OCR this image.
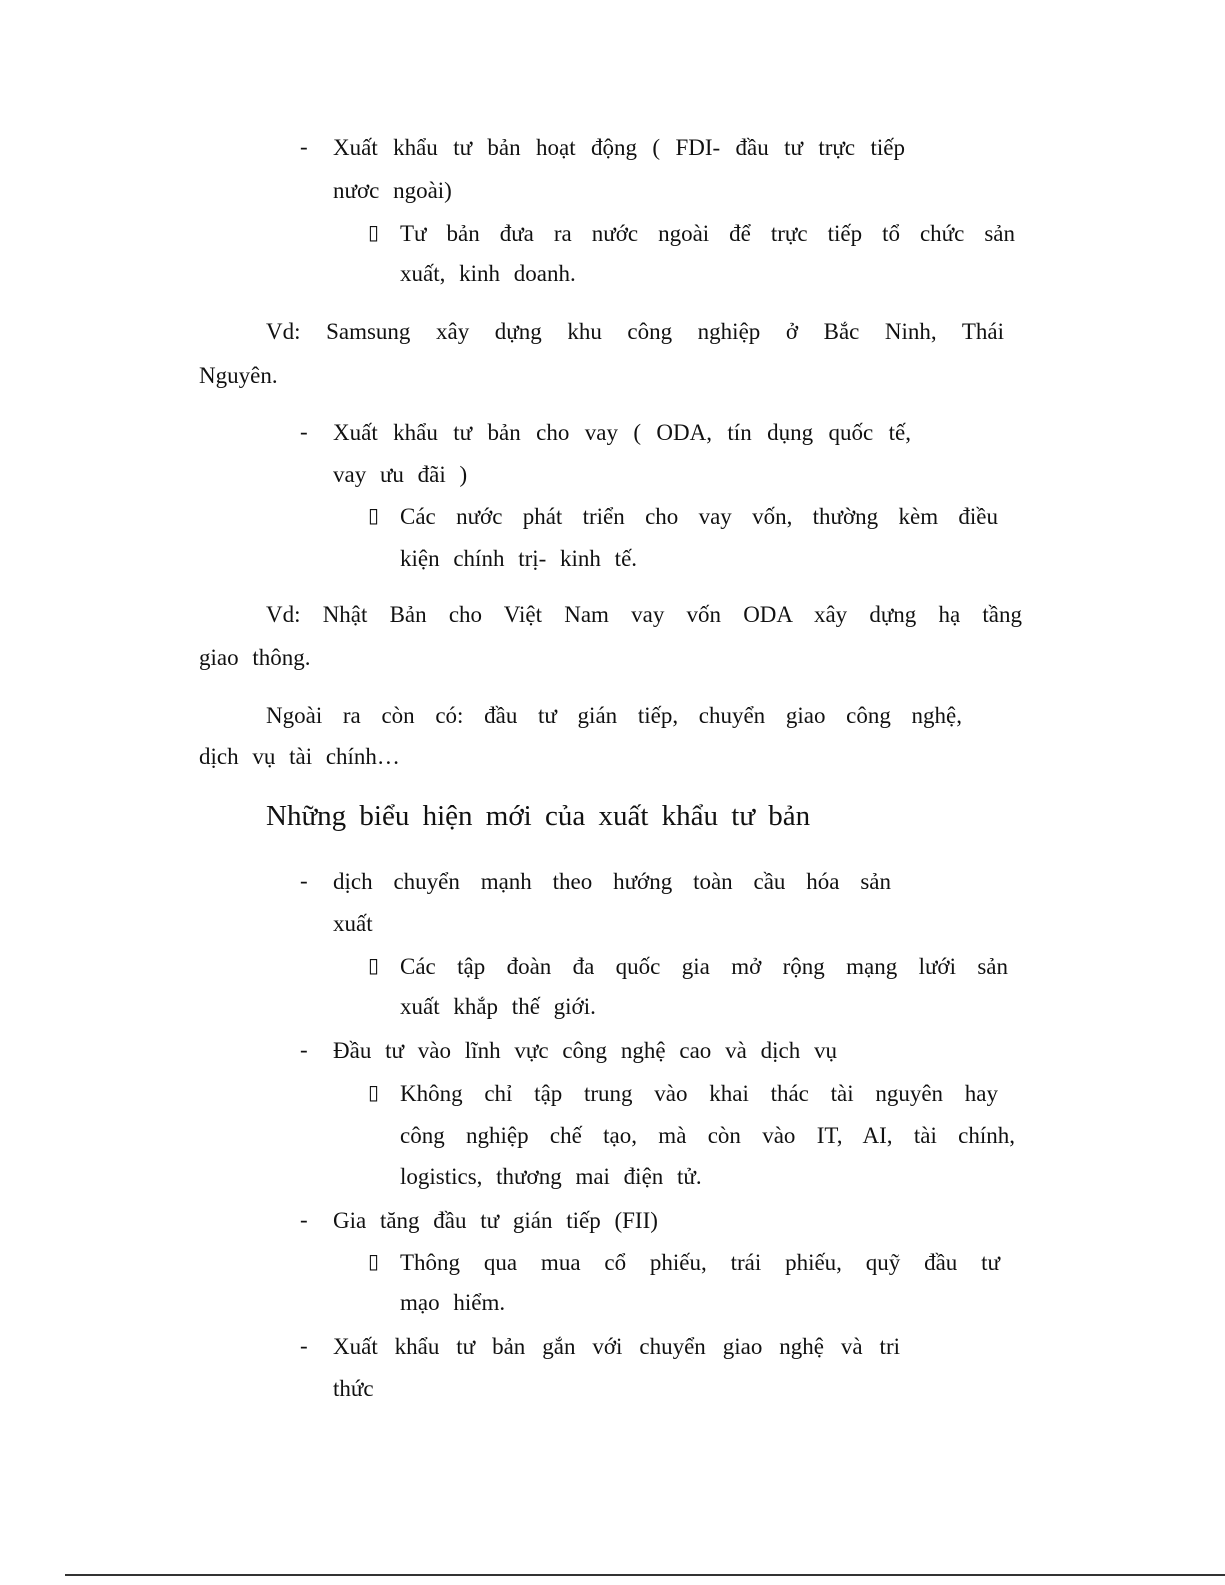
- Xuất khẩu tư bản hoạt động ( FDI- đầu tư trực tiếp
nươc ngoài)
▯ Tư bản đưa ra nước ngoài để trực tiếp tổ chức sản
xuất, kinh doanh.
Vd: Samsung xây dựng khu công nghiệp ở Bắc Ninh, Thái
Nguyên.
- Xuất khẩu tư bản cho vay ( ODA, tín dụng quốc tế,
vay ưu đãi )
▯ Các nước phát triển cho vay vốn, thường kèm điều
kiện chính trị- kinh tế.
Vd: Nhật Bản cho Việt Nam vay vốn ODA xây dựng hạ tầng
giao thông.
Ngoài ra còn có: đầu tư gián tiếp, chuyển giao công nghệ,
dịch vụ tài chính…
Những biểu hiện mới của xuất khẩu tư bản
- dịch chuyển mạnh theo hướng toàn cầu hóa sản
xuất
▯ Các tập đoàn đa quốc gia mở rộng mạng lưới sản
xuất khắp thế giới.
- Đầu tư vào lĩnh vực công nghệ cao và dịch vụ
▯ Không chỉ tập trung vào khai thác tài nguyên hay
công nghiệp chế tạo, mà còn vào IT, AI, tài chính,
logistics, thương mai điện tử.
- Gia tăng đầu tư gián tiếp (FII)
▯ Thông qua mua cổ phiếu, trái phiếu, quỹ đầu tư
mạo hiểm.
- Xuất khẩu tư bản gắn với chuyển giao nghệ và tri
thức
